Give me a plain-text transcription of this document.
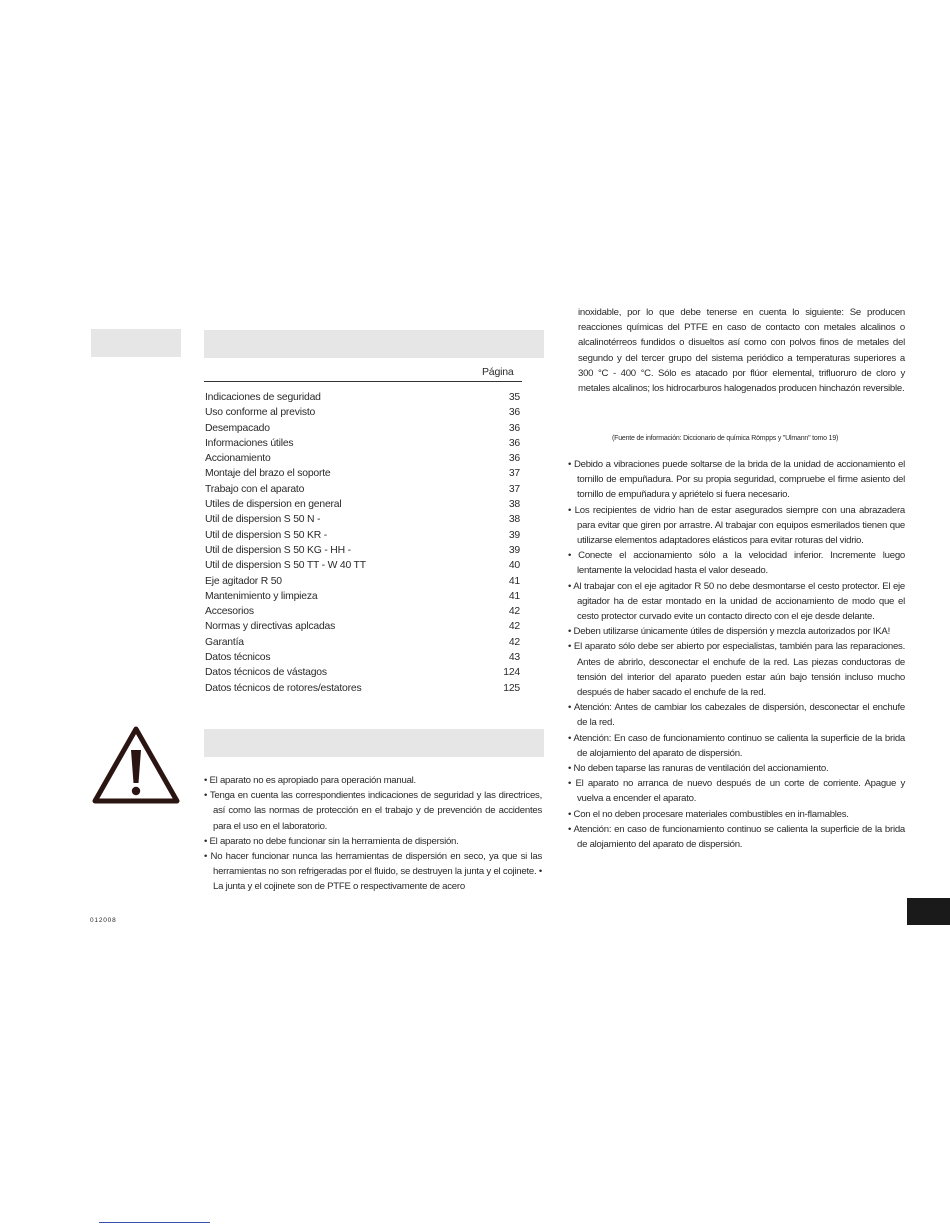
Página
Indicaciones de seguridad	35
Uso conforme al previsto	36
Desempacado	36
Informaciones útiles	36
Accionamiento	36
Montaje del brazo el soporte	37
Trabajo con el aparato	37
Utiles de dispersion en general	38
Util de dispersion S 50 N -	38
Util de dispersion S 50 KR -	39
Util de dispersion S 50 KG - HH -	39
Util de dispersion S 50 TT - W 40 TT	40
Eje agitador R 50	41
Mantenimiento y limpieza	41
Accesorios	42
Normas y directivas aplcadas	42
Garantía	42
Datos técnicos	43
Datos técnicos de vástagos	124
Datos técnicos de rotores/estatores	125

• El aparato no es apropiado para operación manual.

• Tenga en cuenta las correspondientes indicaciones de seguridad y las directrices, así como las normas de protección en el trabajo y de prevención de accidentes para el uso en el laboratorio.

• El aparato no debe funcionar sin la herramienta de dispersión.

• No hacer funcionar nunca las herramientas de dispersión en seco, ya que si las herramientas no son refrigeradas por el fluido, se destruyen la junta y el cojinete. • La junta y el cojinete son de PTFE o respectivamente de acero

inoxidable, por lo que debe tenerse en cuenta lo siguiente: Se producen reacciones químicas del PTFE en caso de contacto con metales alcalinos o alcalinotérreos fundidos o disueltos así como con polvos finos de metales del segundo y del tercer grupo del sistema periódico a temperaturas superiores a 300 °C - 400 °C. Sólo es atacado por flúor elemental, trifluoruro de cloro y metales alcalinos; los hidrocarburos halogenados producen hinchazón reversible.

(Fuente de información: Diccionario de química Römpps y "Ulmann" tomo 19)

• Debido a vibraciones puede soltarse de la brida de la unidad de accionamiento el tornillo de empuñadura. Por su propia seguridad, compruebe el firme asiento del tornillo de empuñadura y apriételo si fuera necesario.

• Los recipientes de vidrio han de estar asegurados siempre con una abrazadera para evitar que giren por arrastre. Al trabajar con equipos esmerilados tienen que utilizarse elementos adaptadores elásticos para evitar roturas del vidrio.

• Conecte el accionamiento sólo a la velocidad inferior. Incremente luego lentamente la velocidad hasta el valor deseado.

• Al trabajar con el eje agitador R 50 no debe desmontarse el cesto protector. El eje agitador ha de estar montado en la unidad de accionamiento de modo que el cesto protector curvado evite un contacto directo con el eje desde delante.

• Deben utilizarse únicamente útiles de dispersión y mezcla autorizados por IKA!

• El aparato sólo debe ser abierto por especialistas, también para las reparaciones. Antes de abrirlo, desconectar el enchufe de la red. Las piezas conductoras de tensión del interior del aparato pueden estar aún bajo tensión incluso mucho después de haber sacado el enchufe de la red.

• Atención: Antes de cambiar los cabezales de dispersión, desconectar el enchufe de la red.

• Atención: En caso de funcionamiento continuo se calienta la superficie de la brida de alojamiento del aparato de dispersión.

• No deben taparse las ranuras de ventilación del accionamiento.

• El aparato no arranca de nuevo después de un corte de corriente. Apague y vuelva a encender el aparato.

• Con el no deben procesare materiales combustibles en in-flamables.

• Atención: en caso de funcionamiento continuo se calienta la superficie de la brida de alojamiento del aparato de dispersión.

012008
